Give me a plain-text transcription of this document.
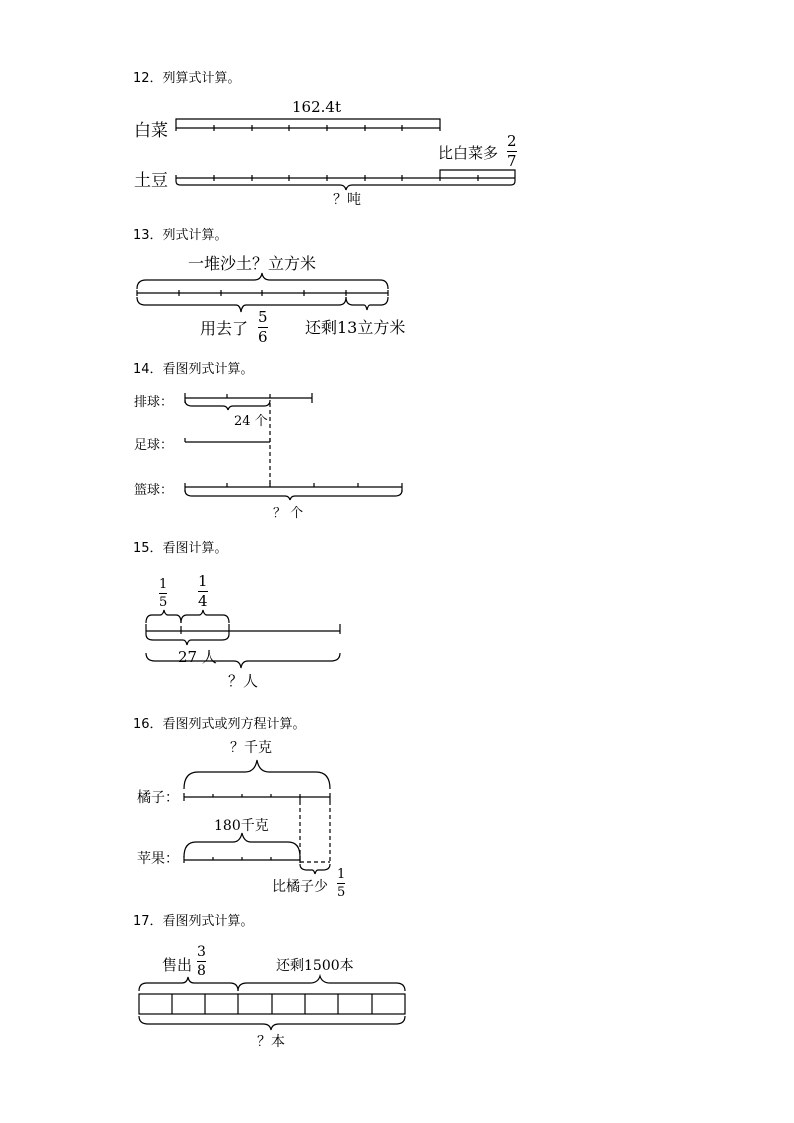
12．列算式计算。
白菜
162.4t
土豆
比白菜多
2
7
？吨
13．列式计算。
一堆沙土？立方米
用去了
5
6 还剩13立方米
14．看图列式计算。
排球：
24 个
足球：
篮球：
？ 个
15．看图计算。
1
5
1
4
27 人
？人
16．看图列式或列方程计算。
？千克
橘子：
180千克
苹果：
比橘子少
1
5
17．看图列式计算。
售出
3
8	还剩1500本
？本
